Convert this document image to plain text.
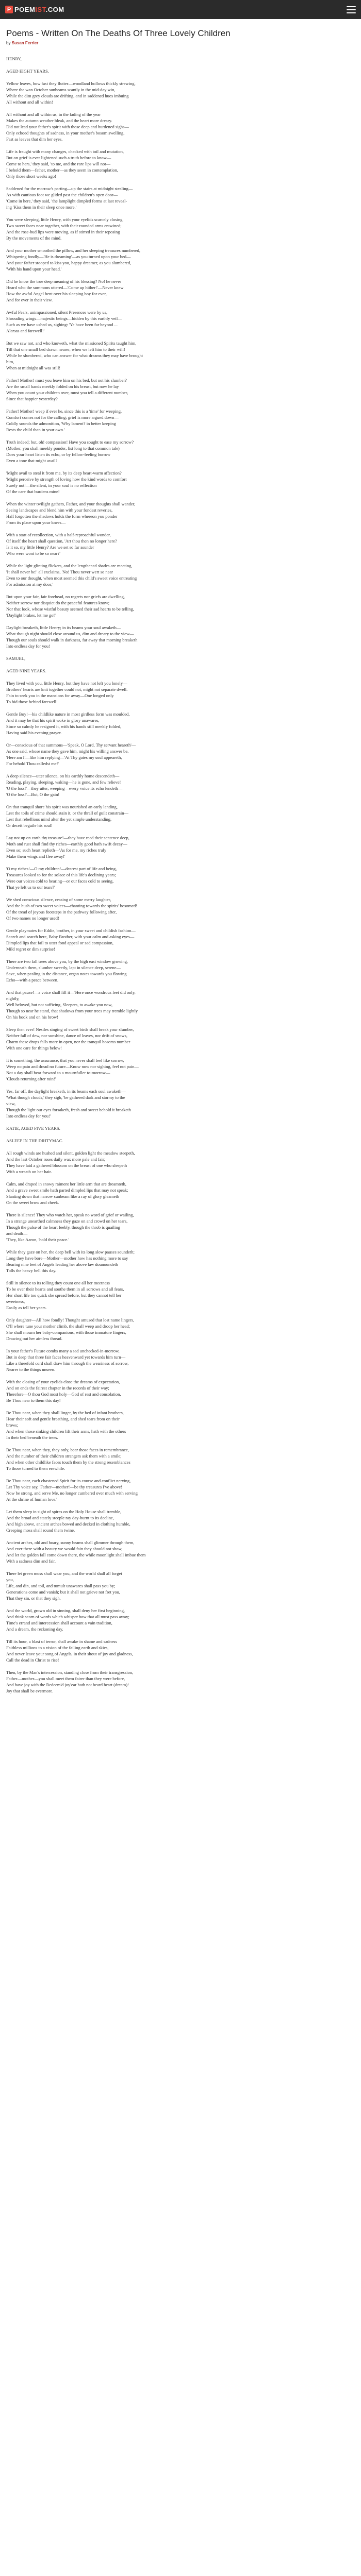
P POEMIST.COM
Poems - Written On The Deaths Of Three Lovely Children

by Susan Ferrier

HENRY,
AGED EIGHT YEARS.
Yellow leaves, how fast they flutter—woodland hollows thickly strewing,
Where the wan October sunbeams scantly in the mid-day win,
While the dim grey clouds are drifting, and in saddened hues imbuing
All without and all within!
All without and all within us, in the fading of the year
Makes the autumn weather bleak, and the heart more dreary.
Did not lead your father's spirit with those deep and burdened sighs—
Only echoed thoughts of sadness, in your mother's bosom swelling,
Fast as leaves that dim her eyes.
Life is fraught with many changes, checked with toil and mutation,
But on grief is ever lightened such a truth before to know—
Come to hers,' they said, 'to me, and the rare lips will not—
I behold them—father, mother—as they seem in contemplation,
Only those short weeks ago!
Saddened for the morrow's parting—up the stairs at midnight stealing—
As with cautious foot we glided past the children's open door—
'Come in here,' they said, 'the lamplight dimpled forms at last reveal-
ing 'Kiss them in their sleep once more.'
You were sleeping, little Henry, with your eyelids scarcely closing,
Two sweet faces near together, with their rounded arms entwined;
And the rose-bud lips were moving, as if stirred in their reposing
By the movements of the mind.
And your mother smoothed the pillow, and her sleeping treasures numbered,
Whispering fondly—'He is dreaming'—as you turned upon your bed—
And your father stooped to kiss you, happy dreamer, as you slumbered,
'With his hand upon your head.'
Did he know the true deep meaning of his blessing? No! he never
Heard who the summons uttered—'Come up hither!'—Never knew
How the awful Angel bent over his sleeping boy for ever,
And for ever in their view.
Awful Fears, unimpassioned, silent Presences were by us,
Shrouding wings—majestic beings—hidden by this earthly veil—
Such as we have ushed us, sighing: 'Ye have been far beyond ...
Alarsas and farewell!'
But we saw not, and who knoweth, what the missioned Spirits taught him,
Till that one small bed drawn nearer, when we left him to their will!
While he slumbered, who can answer for what dreams they may have brought
him,
When at midnight all was still!
Father! Mother! must you leave him on his bed, but not his slumber?
Are the small hands meekly folded on his breast, but now he lay
When you count your children over, must you tell a different number,
Since that happier yesterday?
Father! Mother! weep if ever he, since this is a 'time' for weeping,
Comfort comes not for the calling; grief is more argued down—
Coldly sounds the admonition, 'Why lament? in better keeping
Rests the child than in your own.'
Truth indeed; but, oh! compassion! Have you sought to ease my sorrow?
(Mother, you shall meekly ponder, list long to that common tale)
Does your heart listen its echo, or by fellow-feeling borrow
Even a tone that might avail?
'Might avail to steal it from me, by its deep heart-warm affection?
'Might perceive by strength of loving how the kind words to comfort
Surely not!—the silent, in your soul is no reflection
Of the care that burdens mine!
When the winter twilight gathers, Father, and your thoughts shall wander,
Seeing landscapes and blend him with your fondest reveries,
Half forgotten the shadows holds the form whereon you ponder
From its place upon your knees—
With a start of recollection, with a half-reproachful wonder,
Of itself the heart shall question, 'Art thou then no longer here?
Is it so, my little Henry? Are we set so far asunder
Who were wont to be so near?'
While the light glinting flickers, and the lengthened shades are meeting,
'It shall never be!' all exclaims, 'No! Thou never wert so near
Even to our thought, when most seemed this child's sweet voice entreating
For admission at my door;'
But upon your fair, fair forehead, no regrets nor griefs are dwelling,
Neither sorrow nor disquiet do the peaceful features know;
Nor that look, whose wistful beauty seemed their sad hearts to be telling,
'Daylight brakes, let me go!'
Daylight breaketh, little Henry; in its beams your soul awaketh—
What though night should close around us, dim and dreary to the view—
Though our souls should walk in darkness, far away that morning breaketh
Into endless day for you!
SAMUEL,
AGED NINE YEARS.
They lived with you, little Henry, but they have not left you lonely—
Brothers' hearts are knit together could not, might not separate dwell.
Fain to seek you in the mansions for away—One longed only
To bid those behind farewell!
Gentle Boy!—his childlike nature in most girdless form was moulded,
And it may be that his spirit woke in glory unawares,
Since so calmly he resigned it, with his hands still meekly folded,
Having said his evening prayer.
Or—conscious of that summons—'Speak, O Lord, Thy servant heareth'—
As one said, whose name they gave him, might his willing answer be.
'Here am I'—like him replying—'At Thy gates my soul appeareth,
For behold Thou calledst me!'
A deep silence—utter silence, on his earthly home descendeth—
Reading, playing, sleeping, waking—he is gone, and few relieve!
'O the loss!'—they utter, weeping—every voice its echo lendeth—
'O the loss!'—But, O the gain!
On that tranquil shore his spirit was nourished an early landing,
Lest the toils of crime should stain it, or the thrall of guilt constrain—
Lest that rebellious mind alter the yet simple understanding,
Or deceit beguile his soul!
Lay not up on earth thy treasure!—they have read their sentence deep,
Moth and rust shall find thy riches—earthly good hath swift decay—
Even so; such heart replieth—'As for me, my riches truly
Make them wings and flee away!'
'O my riches!—O my children!—dearest part of life and being,
Treasures looked to for the solace of this life's declining years;
Were our voices cold to hearing—or our faces cold to seeing,
That ye left us to our tears?'
We shed conscious silence, ceasing of some merry laughter,
And the hush of two sweet voices—chanting towards the spirits' bosomed!
Of the tread of joyous footsteps in the pathway following after,
Of two names no longer used!
Gentle playmates for Eddie, brother, in your sweet and childish fashion—
Search and search here, Baby Brother, with your calm and asking eyes—
Dimpled lips that fail to utter fond appeal or sad compassion,
Mild regret or dim surprise!
There are two fall trees above you, by the high east window growing,
Underneath them, slumber sweetly, lapt in silence deep, serene—
Save, when pealing in the distance, organ notes towards you flowing
Echo—with a peace between.
And that pause!—a voice shall fill it—'Here once wondrous feet did only,
nightly,
Well beloved, but not sufficing, Sleepers, to awake you now,
Though so near he stand, that shadows from your trees may tremble lightly
On his book and on his brow!
Sleep then ever! Nestles singing of sweet birds shall break your slumber,
Neither fall of dew, nor sunshine, dance of leaves, nor drift of snows,
Charm these drops falls more in open, nor the tranquil bosoms number
With one care for things below!
It is something, the assurance, that you never shall feel like sorrow,
Weep no pain and dread no future—Know now nor sighing, feel not pain—
Not a day shall bear forward to a mournfuller to-morrow—
'Clouds returning after rain!'
Yes, far off, the daylight breaketh, in its beams each soul awaketh—
'What though clouds,' they sigh, 'be gathered dark and stormy to the
view,
Though the light our eyes forsaketh, fresh and sweet behold it breaketh
Into endless day for you!'
KATIE, AGED FIVE YEARS.
ASLEEP IN THE DIHTYMAC.
All rough winds are hushed and silent, golden light the meadow steepeth,
And the last October roses daily wax more pale and fair;
They have laid a gathered blossom on the breast of one who sleepeth
With a wreath on her hair.
Calm, and draped in snowy raiment her little arm that are dreamteth,
And a grave sweet smile hath parted dimpled lips that may not speak;
Slanting down that narrow sunbeam like a ray of glory gleameth
On the sweet brow and cheek.
There is silence! They who watch her, speak no word of grief or wailing,
In a strange unearthed calmness they gaze on and crowd on her tears,
Though the pulse of the heart feebly, though the throb is quailing
and death—
'They, like Aaron, 'hold their peace.'
While they gaze on her, the deep bell with its long slow pauses soundeth;
Long they have bore—Mother—mother how has nothing more to say
Bearing nine feet of Angels leading her above law dounoundeth
Tolls the heavy bell this day.
Still in silence to its tolling they count one all her meetness
To be over their hearts and soothe them in all sorrows and all fears,
Her short life too quick she spread before, but they cannot tell her
sweetness,
Easily as tell her years.
Only daughter—All how fondly! Thought amused that lost name lingers,
O'll where tune your mother climb, the shall weep and droop her head;
She shall mourn her baby-companions, with those immature fingers,
Drawing out her aimless thread.
In your father's Future combs many a sad unchecked-in-morrow,
But in deep that three fair faces heavenward yet towards him turn—
Like a threefold cord shall draw him through the weariness of sorrow,
Nearer to the things unseen.
With the closing of your eyelids close the dreams of expectation,
And on ends the fairest chapter in the records of their way;
Therefore—O thou God most holy—God of rest and consolation,
Be Thou near to them this day!
Be Thou near, when they shall linger, by the bed of infant brothers,
Hear their soft and gentle breathing, and shed tears from on their
brows;
And when those sinking children lift their arms, hath with the others
In their bed beneath the trees.
Be Thou near, when they, they only, bear those faces in remembrance,
And the number of their children strangers ask them with a smile;
And when other childlike faces touch them by the strong resemblances
To those turned to them erewhile.
Be Thou near, each chastened Spirit for its course and conflict nerving,
Let Thy voice say, 'Father—mother!—be thy treasures I've above!
Now be strong, and serve Me, no longer cumbered over much with serving
At the shrine of human love.'
Let them sleep in sight of spires on the Holy House shall tremble,
And the broad and stately steeple ray day-burnt to its decline,
And high above, ancient arches bowed and decked in clothing humble,
Creeping moss shall round them twine.
Ancient arches, old and hoary, sunny beams shall glimmer through them,
And ever there with a beauty we would fain they should not show,
And let the golden fall come down there, the while moonlight shall imbue them
With a sadness dim and fair.
There let green moss shall wear you, and the world shall all forget
you,
Life, and din, and toil, and tumult unawares shall pass you by;
Generations come and vanish; but it shall not grieve not fret you,
That they sin, or that they sigh.
And the world, grown old in sinning, shall deny her first beginning,
And think scorn of words which whisper how that all must pass away;
Time's errand and intercession shall account a vain tradition,
And a dream, the reckoning day.
Till its hour, a blast of terror, shall awake in shame and sadness
Faithless millions to a vision of the failing earth and skies,
And never leave your song of Angels, in their shout of joy and gladness,
Call the dead in Christ to rise!
Then, by the Man's intercession, standing close from their transgression,
Father—mother—you shall meet them fairer than they were before,
And have joy with the Redeem'd joy'ear hath not heard heart (dream)!
Joy that shall be evermore.
